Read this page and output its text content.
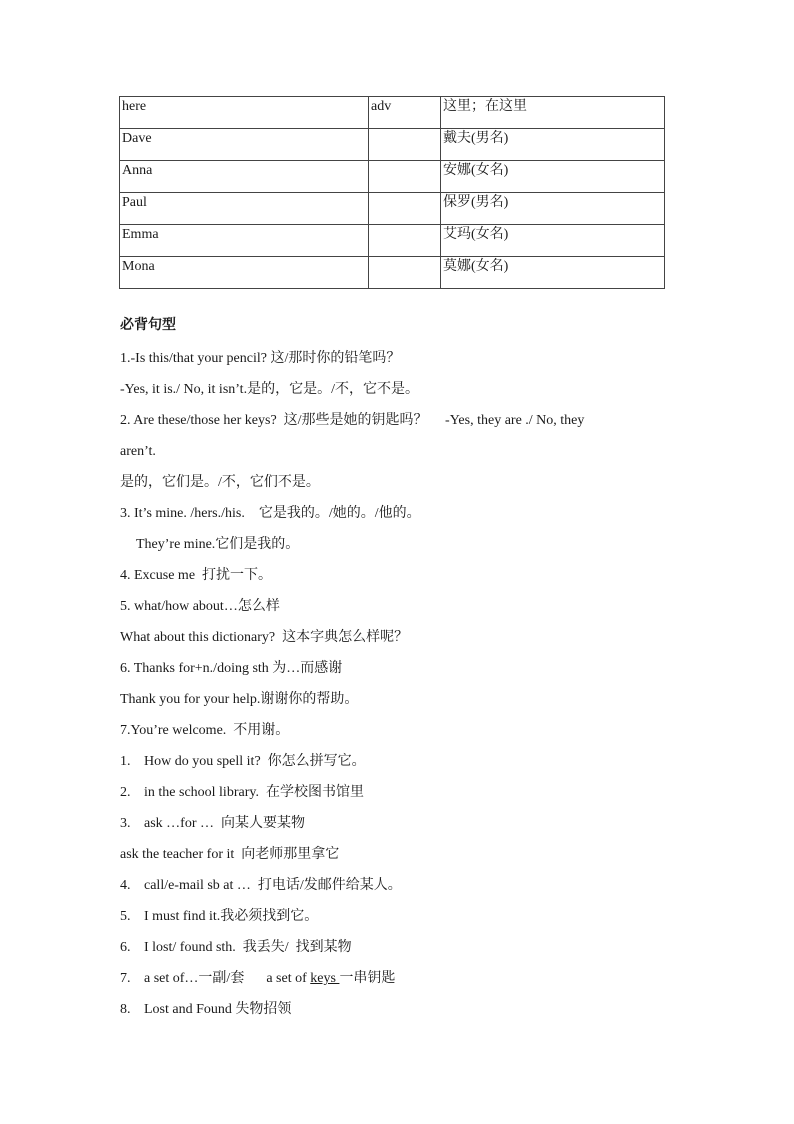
here	adv	这里；在这里
Dave		戴夫(男名)
Anna		安娜(女名)
Paul		保罗(男名)
Emma		艾玛(女名)
Mona		莫娜(女名)
必背句型
1.-Is this/that your pencil? 这/那时你的铅笔吗？
-Yes, it is./ No, it isn’t.是的，它是。/不，它不是。
2. Are these/those her keys?  这/那些是她的钥匙吗？     -Yes, they are ./ No, they
aren’t.
是的，它们是。/不，它们不是。
3. It’s mine. /hers./his.    它是我的。/她的。/他的。
They’re mine.它们是我的。
4. Excuse me  打扰一下。
5. what/how about…怎么样
What about this dictionary?  这本字典怎么样呢？
6. Thanks for+n./doing sth 为…而感谢
Thank you for your help.谢谢你的帮助。
7.You’re welcome.  不用谢。
1. How do you spell it?  你怎么拼写它。
2. in the school library.  在学校图书馆里
3. ask …for …  向某人要某物
ask the teacher for it  向老师那里拿它
4. call/e-mail sb at …  打电话/发邮件给某人。
5. I must find it.我必须找到它。
6. I lost/ found sth.  我丢失/  找到某物
7. a set of…一副/套 a set of keys 一串钥匙
8. Lost and Found 失物招领
